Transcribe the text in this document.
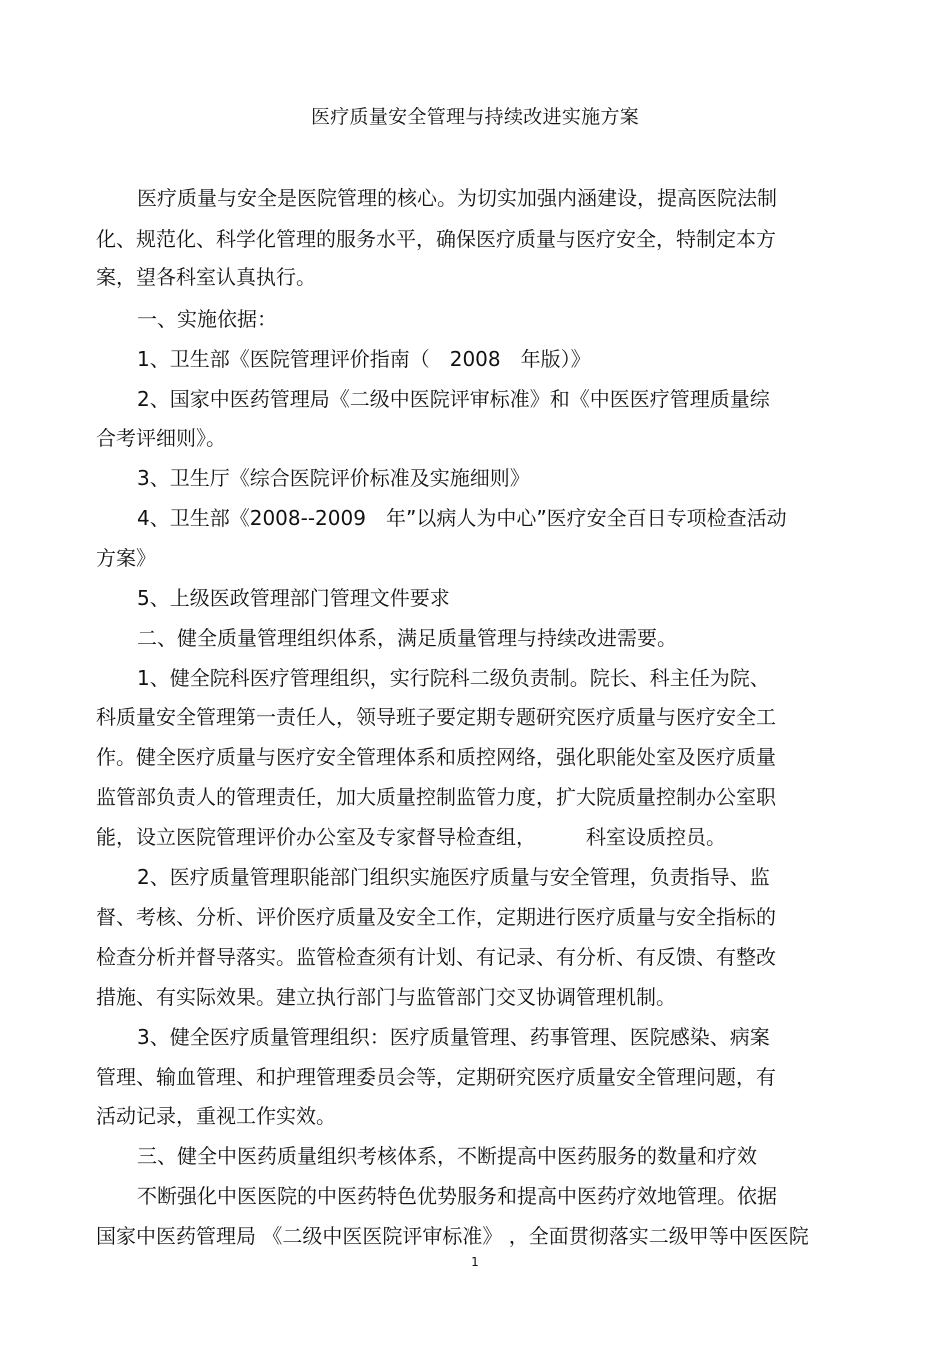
医疗质量安全管理与持续改进实施方案
医疗质量与安全是医院管理的核心。为切实加强内涵建设，提高医院法制
化、规范化、科学化管理的服务水平，确保医疗质量与医疗安全，特制定本方
案，望各科室认真执行。
一、实施依据：
1、卫生部《医院管理评价指南（　2008　年版）》
2、国家中医药管理局《二级中医院评审标准》和《中医医疗管理质量综
合考评细则》。
3、卫生厅《综合医院评价标准及实施细则》
4、卫生部《2008--2009　年”以病人为中心”医疗安全百日专项检查活动
方案》
5、上级医政管理部门管理文件要求
二、健全质量管理组织体系，满足质量管理与持续改进需要。
1、健全院科医疗管理组织，实行院科二级负责制。院长、科主任为院、
科质量安全管理第一责任人，领导班子要定期专题研究医疗质量与医疗安全工
作。健全医疗质量与医疗安全管理体系和质控网络，强化职能处室及医疗质量
监管部负责人的管理责任，加大质量控制监管力度，扩大院质量控制办公室职
能，设立医院管理评价办公室及专家督导检查组，　　　科室设质控员。
2、医疗质量管理职能部门组织实施医疗质量与安全管理，负责指导、监
督、考核、分析、评价医疗质量及安全工作，定期进行医疗质量与安全指标的
检查分析并督导落实。监管检查须有计划、有记录、有分析、有反馈、有整改
措施、有实际效果。建立执行部门与监管部门交叉协调管理机制。
3、健全医疗质量管理组织：医疗质量管理、药事管理、医院感染、病案
管理、输血管理、和护理管理委员会等，定期研究医疗质量安全管理问题，有
活动记录，重视工作实效。
三、健全中医药质量组织考核体系，不断提高中医药服务的数量和疗效
不断强化中医医院的中医药特色优势服务和提高中医药疗效地管理。依据
国家中医药管理局 《二级中医医院评审标准》 ，全面贯彻落实二级甲等中医医院
1
